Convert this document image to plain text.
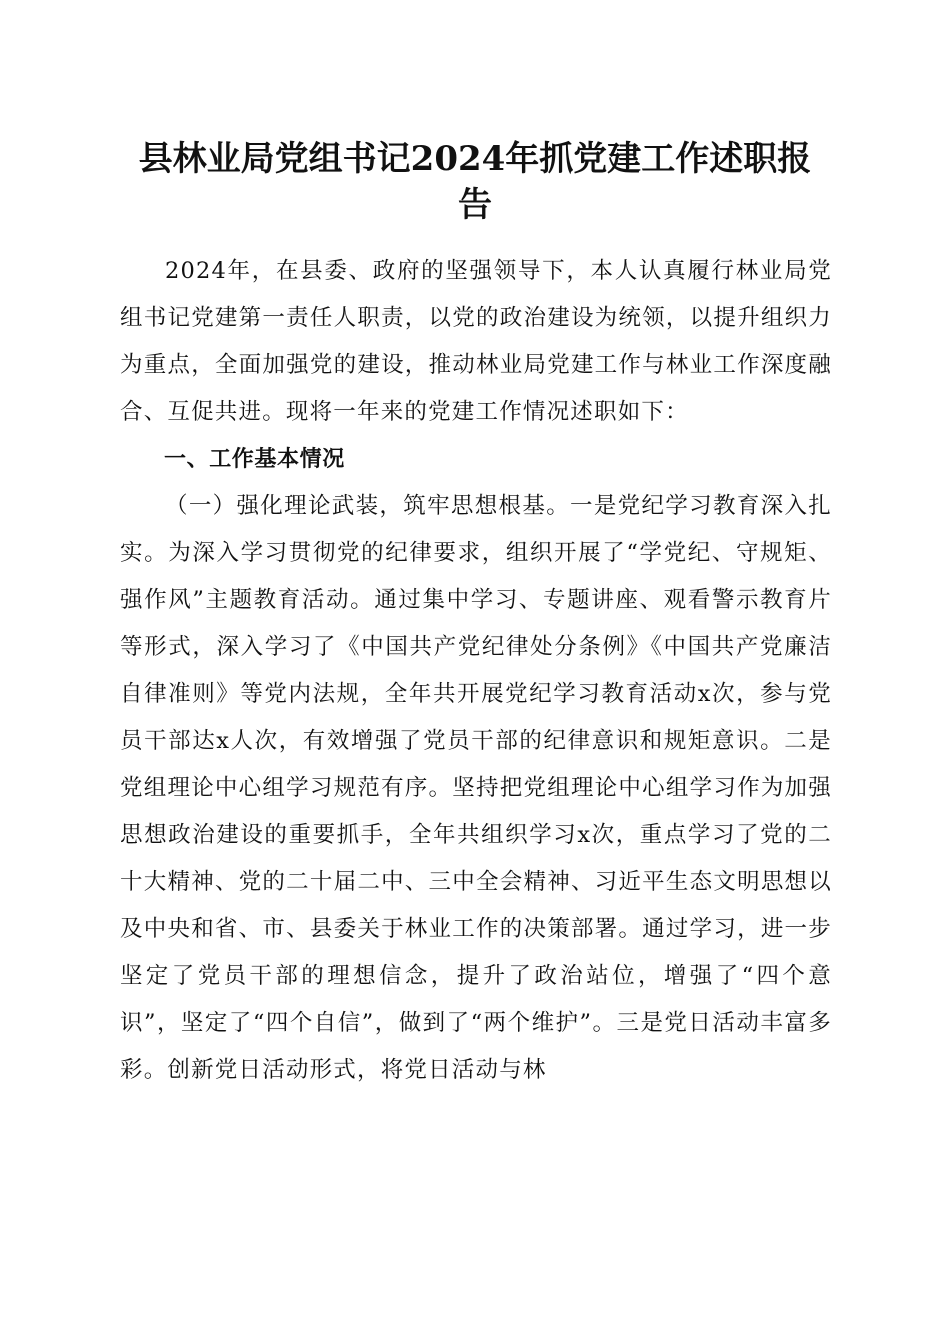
县林业局党组书记2024年抓党建工作述职报
告

2024年，在县委、政府的坚强领导下，本人认真履行林业局党组书记党建第一责任人职责，以党的政治建设为统领，以提升组织力为重点，全面加强党的建设，推动林业局党建工作与林业工作深度融合、互促共进。现将一年来的党建工作情况述职如下：

一、工作基本情况

（一）强化理论武装，筑牢思想根基。一是党纪学习教育深入扎实。为深入学习贯彻党的纪律要求，组织开展了“学党纪、守规矩、强作风”主题教育活动。通过集中学习、专题讲座、观看警示教育片等形式，深入学习了《中国共产党纪律处分条例》《中国共产党廉洁自律准则》等党内法规，全年共开展党纪学习教育活动x次，参与党员干部达x人次，有效增强了党员干部的纪律意识和规矩意识。二是党组理论中心组学习规范有序。坚持把党组理论中心组学习作为加强思想政治建设的重要抓手，全年共组织学习x次，重点学习了党的二十大精神、党的二十届二中、三中全会精神、习近平生态文明思想以及中央和省、市、县委关于林业工作的决策部署。通过学习，进一步坚定了党员干部的理想信念，提升了政治站位，增强了“四个意识”，坚定了“四个自信”，做到了“两个维护”。三是党日活动丰富多彩。创新党日活动形式，将党日活动与林
